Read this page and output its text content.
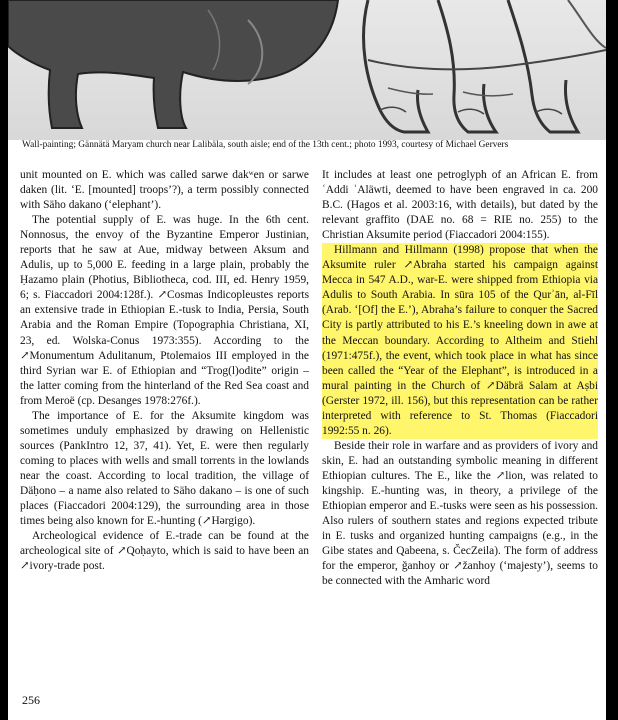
Wall-painting; Gännätä Maryam church near Lalibäla, south aisle; end of the 13th cent.; photo 1993, courtesy of Michael Gervers

unit mounted on E. which was called sarwe dakʷen or sarwe daken (lit. ‘E. [mounted] troops’?), a term possibly connected with Säho dakano (‘elephant’).

The potential supply of E. was huge. In the 6th cent. Nonnosus, the envoy of the Byzantine Emperor Justinian, reports that he saw at Aue, midway between Aksum and Adulis, up to 5,000 E. feeding in a large plain, probably the Ḥazamo plain (Photius, Bibliotheca, cod. III, ed. Henry 1959, 6; s. Fiaccadori 2004:128f.). ↗Cosmas Indicopleustes reports an extensive trade in Ethiopian E.-tusk to India, Persia, South Arabia and the Roman Empire (Topographia Christiana, XI, 23, ed. Wolska-Conus 1973:355). According to the ↗Monumentum Adulitanum, Ptolemaios III employed in the third Syrian war E. of Ethiopian and “Trog(l)odite” origin – the latter coming from the hinterland of the Red Sea coast and from Meroë (cp. Desanges 1978:276f.).

The importance of E. for the Aksumite kingdom was sometimes unduly emphasized by drawing on Hellenistic sources (PankIntro 12, 37, 41). Yet, E. were then regularly coming to places with wells and small torrents in the lowlands near the coast. According to local tradition, the village of Däḥono – a name also related to Säho dakano – is one of such places (Fiaccadori 2004:129), the surrounding area in those times being also known for E.-hunting (↗Hǝrgigo).

Archeological evidence of E.-trade can be found at the archeological site of ↗Qoḥayto, which is said to have been an ↗ivory-trade post.

It includes at least one petroglyph of an African E. from ʿAddi ʿAläwti, deemed to have been engraved in ca. 200 B.C. (Hagos et al. 2003:16, with details), but dated by the relevant graffito (DAE no. 68 = RIE no. 255) to the Christian Aksumite period (Fiaccadori 2004:155).

Hillmann and Hillmann (1998) propose that when the Aksumite ruler ↗Abraha started his campaign against Mecca in 547 A.D., war-E. were shipped from Ethiopia via Adulis to South Arabia. In sūra 105 of the Qurʾān, al-Fīl (Arab. ‘[Of] the E.’), Abraha’s failure to conquer the Sacred City is partly attributed to his E.’s kneeling down in awe at the Meccan boundary. According to Altheim and Stiehl (1971:475f.), the event, which took place in what has since been called the “Year of the Elephant”, is introduced in a mural painting in the Church of ↗Däbrä Salam at Aṣbi (Gerster 1972, ill. 156), but this representation can be rather interpreted with reference to St. Thomas (Fiaccadori 1992:55 n. 26).

Beside their role in warfare and as providers of ivory and skin, E. had an outstanding symbolic meaning in different Ethiopian cultures. The E., like the ↗lion, was related to kingship. E.-hunting was, in theory, a privilege of the Ethiopian emperor and E.-tusks were seen as his possession. Also rulers of southern states and regions expected tribute in E. tusks and organized hunting campaigns (e.g., in the Gibe states and Qabeena, s. ČecZeila). The form of address for the emperor, ǧanhoy or ↗žanhoy (‘majesty’), seems to be connected with the Amharic word

256
